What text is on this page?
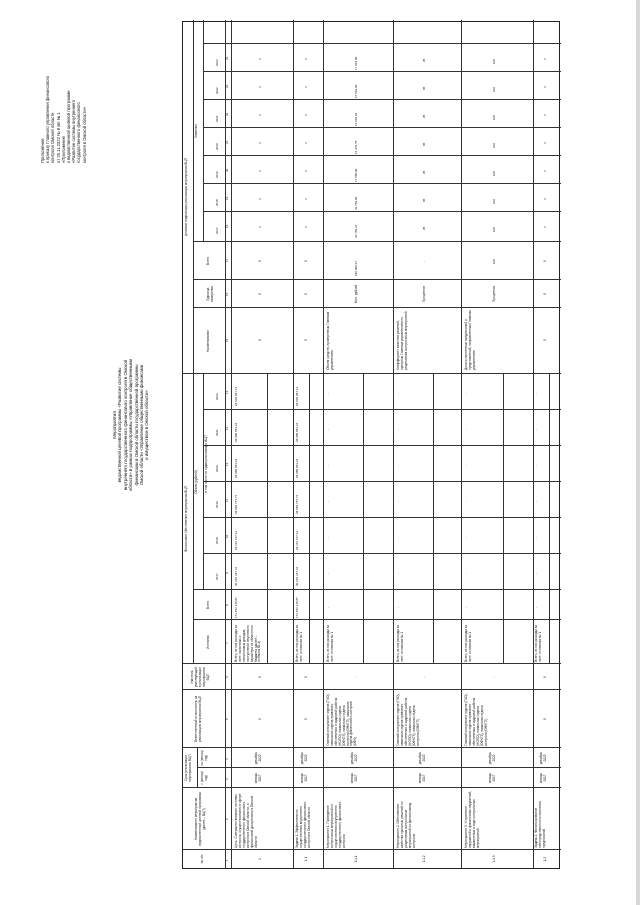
Приложение к приказу Главного управления финансового контроля Омской области от 25.11.2022 № 8 мп № 1 «Приложение к ведомственной целевой программе «Развитие системы внутреннего государственного финансового контроля в Омской области»
Мероприятия ведомственной целевой программы «Развитие системы внутреннего государственного финансового контроля в Омской области» в рамках подпрограммы «Управление общественными финансами в Омской области государственной программы Омской области «Управление общественными финансами и имуществом в Омской области»
№ п/п
Наименование мероприятия ведомственной целевой программы (далее – ВЦП)
Срок реализации мероприятия ВЦП	с (месяц/ год)
по (месяц/ год)
Ответственный исполнитель за реализацию мероприятия ВЦП
Участник, участвующий в реализации мероприятия ВЦП
Финансовое обеспечение мероприятия ВЦП
Источник
Объем (рублей)
Всего
в том числе по годам реализации ВЦП
Целевые индикаторы реализации мероприятия ВЦП
Наименование
Единица измерения
Значение
Всего
2017
2018
2019
2020
2021
2022
2017
2018
2019
2020
2021
2022
2023
1
2
3
4
5
6
7
8
9
10
11
12
13
14
15
16
17
18
19
20
21
22
23
24
1
Цель. Совершенствование системы контроля, осуществляемого в сфере государственного финансового контроля в Омской области, и финансовой дисциплины в Омской области
январь 2017
декабрь 2022
X
X
Всего, из них расходы за счет: налоговых и неналоговых доходов, поступлений нецелевого характера из областного бюджета (далее – источник № 1)
173 872 215,87
30 207 347,41
29 116 727,13
28 083 776,71
28 980 653,24
28 980 653,24
28 503 057,14
X
X
X
X
X
X
X
X
X
X
1.1
Задача 1. Эффективность осуществления внутреннего государственного финансового контроля в Омской области
январь 2017
декабрь 2022
X
X
Всего, из них расходы за счет: источника № 1
173 872 215,87
30 207 347,41
29 116 727,13
28 083 776,71
28 980 653,24
28 980 653,24
28 503 057,14
X
X
X
X
X
X
X
X
X
X
1.1.1
Мероприятие 1. Проведение контрольных мероприятий по осуществлению внутреннего государственного финансового контроля
январь 2017
декабрь 2022
Главный консультант отдела (ГКО), начальник отдела правового обеспечения и кадровой работы (НОПО), начальник отдела (ОФКГЗ), начальник отдела контроля (ОФКГП), начальник отдела финансового контроля (ОФК)
-
Всего, из них расходы за счет: источника № 1
-
-
-
-
-
-
-
Объем средств, проверенных Главным управлением
Млн. рублей
180 000,37
36 783,37
36 783,00
17 585,00
16 479,75
16 503,94
16 563,09
17 816,00
1.1.2
Мероприятие 2. Обеспечение качества принятых решений по результатам контрольных мероприятий по финансовому контролю
январь 2017
декабрь 2022
Главный консультант отдела (ГКО), начальник отдела правового обеспечения и кадровой работы (НОПО), начальник отдела (ОФКГЗ), начальник отдела контроля (ОФКГП)
-
Всего, из них расходы за счет: источника № 1
-
-
-
-
-
-
-
Коэффициент качества решений, принятых Главным управлением по результатам контрольных мероприятий
Процентов
-
95
95
95
95
95
95
95
1.1.3
Мероприятие 3. Устранение нарушений и финансовых нарушений, выявленных в ходе контрольных мероприятий
январь 2017
декабрь 2022
Главный консультант отдела (ГКО), начальник отдела правового обеспечения и кадровой работы (НОПО), начальник отдела (ОФКГЗ), начальник отдела контроля (ОФКГП)
-
Всего, из них расходы за счет: источника № 1
-
-
-
-
-
-
-
Доля исполненных предписаний и представлений, направленных Главным управлением
Процентов
100
100
100
100
100
100
100
100
1.2
Задача 2. Финансирование непосредственного исполнения предписаний
январь 2017
декабрь 2022
X
X
Всего, из них расходы за счет: источника № 1
-
-
-
-
-
-
-
X
X
X
X
X
X
X
X
X
X
